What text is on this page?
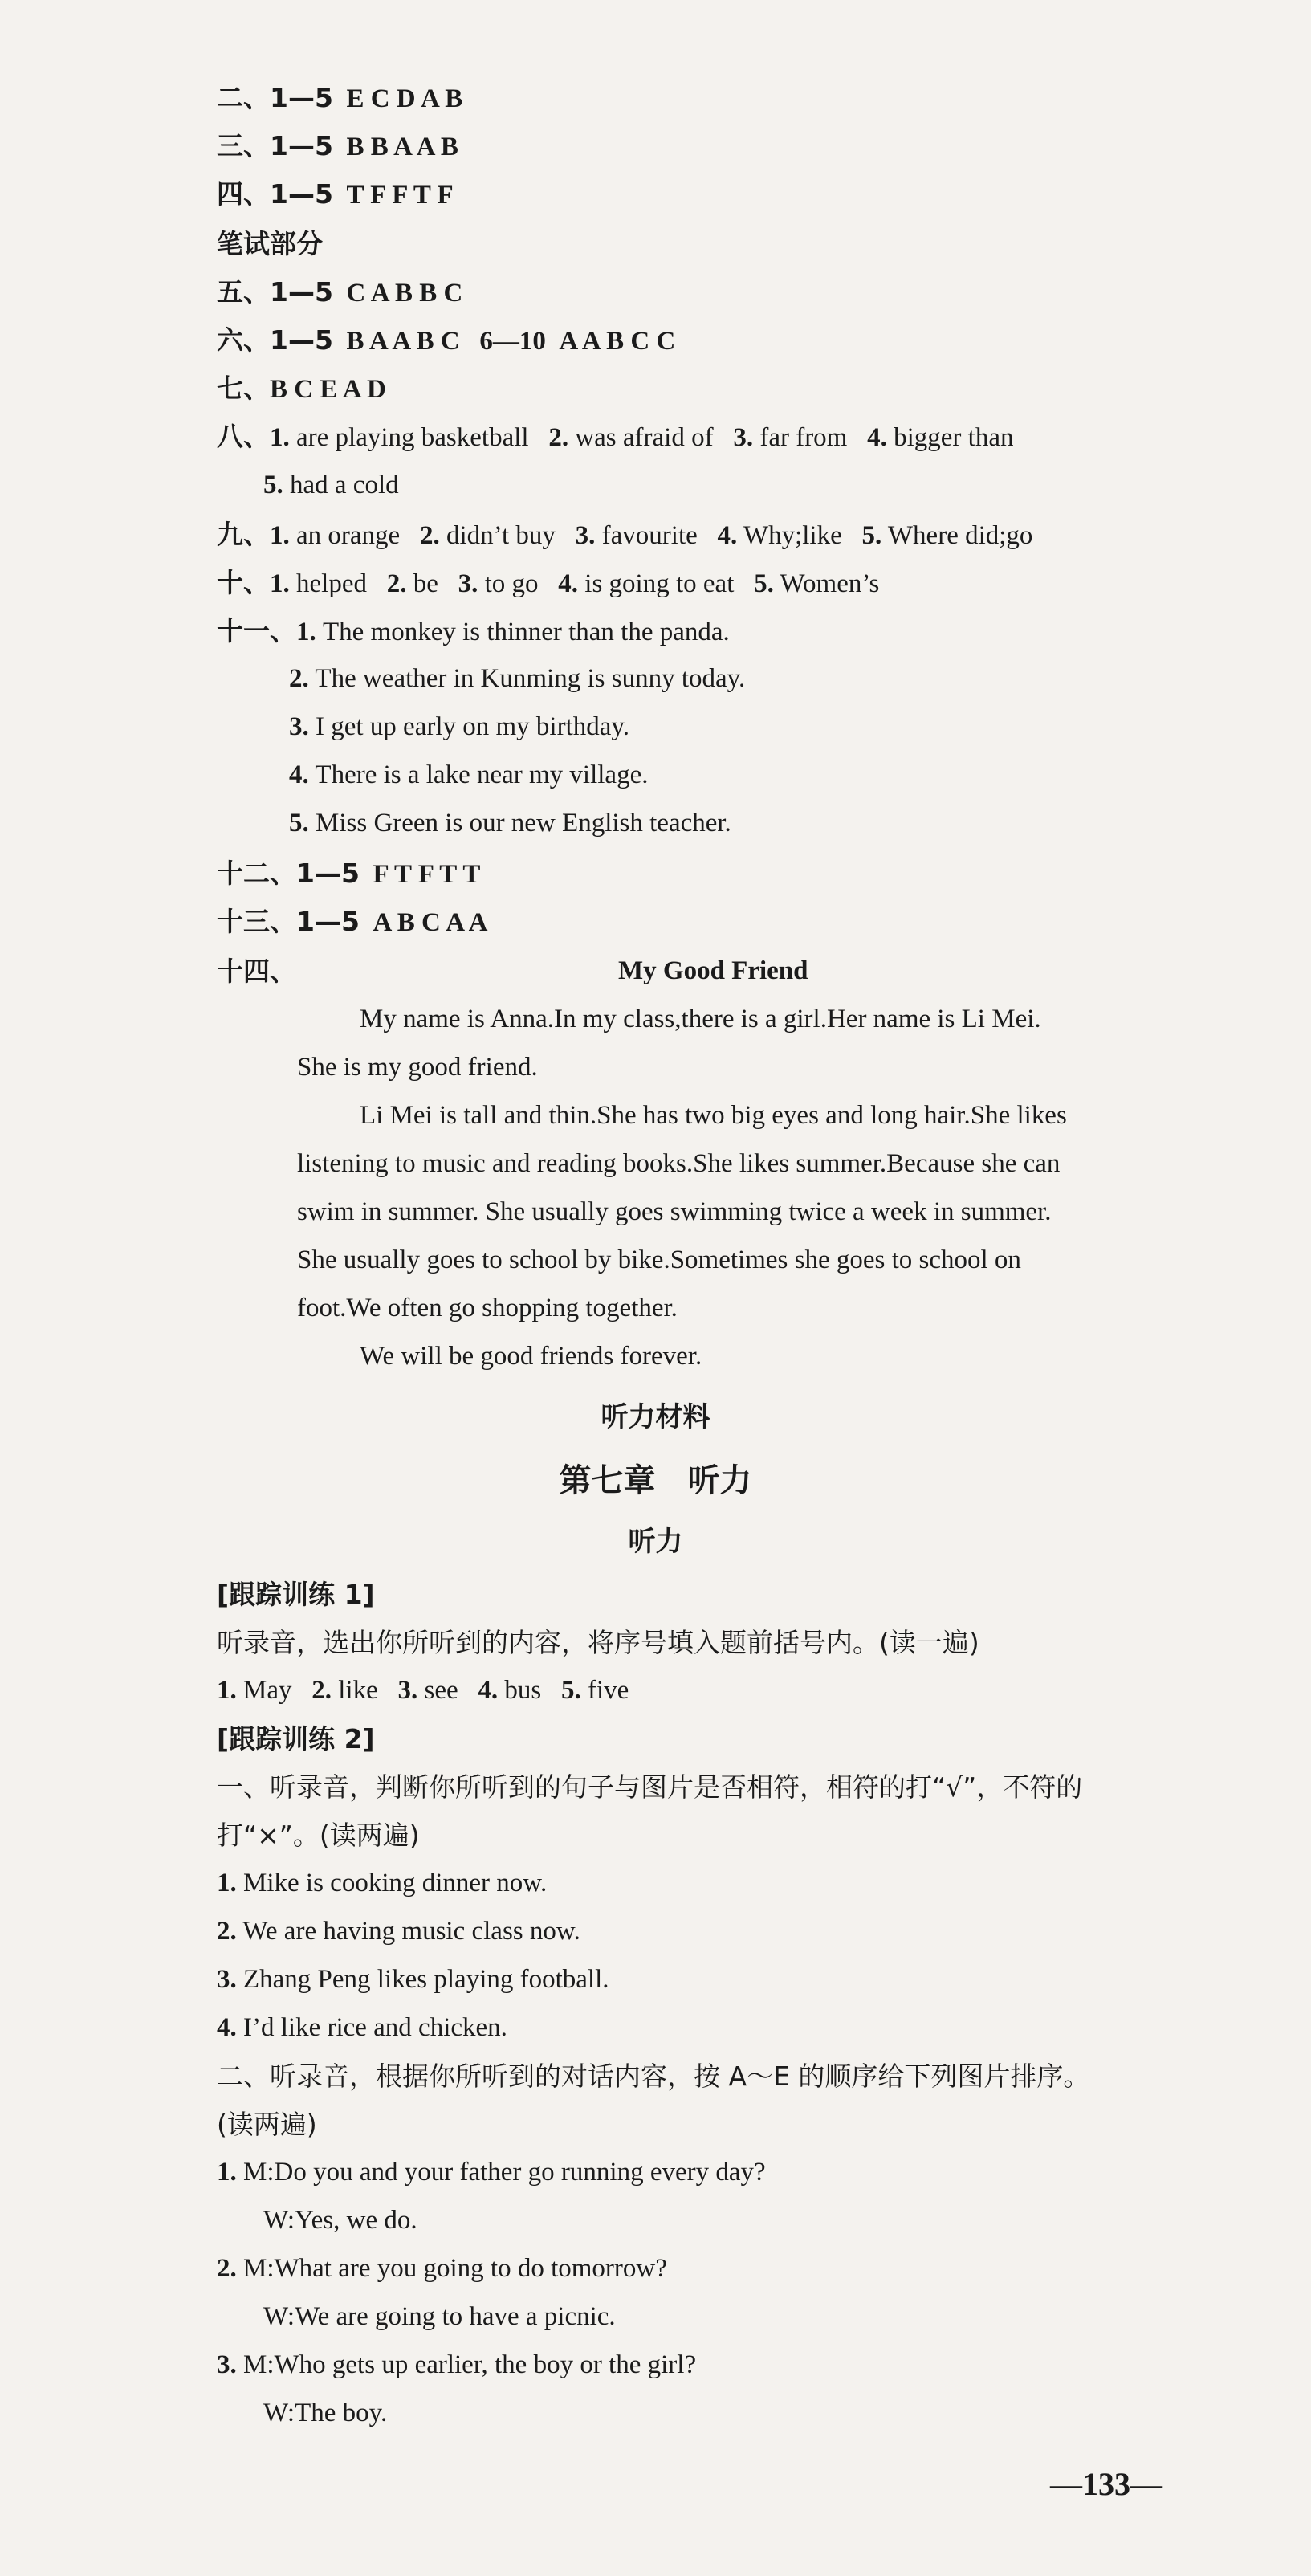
二、1—5 E C D A B
三、1—5 B B A A B
四、1—5 T F F T F
笔试部分
五、1—5 C A B B C
六、1—5 B A A B C 6—10 A A B C C
七、B C E A D
八、1. are playing basketball 2. was afraid of 3. far from 4. bigger than
5. had a cold
九、1. an orange 2. didn’t buy 3. favourite 4. Why;like 5. Where did;go
十、1. helped 2. be 3. to go 4. is going to eat 5. Women’s
十一、1. The monkey is thinner than the panda.
2. The weather in Kunming is sunny today.
3. I get up early on my birthday.
4. There is a lake near my village.
5. Miss Green is our new English teacher.
十二、1—5 F T F T T
十三、1—5 A B C A A
十四、	My Good Friend
My name is Anna.In my class,there is a girl.Her name is Li Mei.
She is my good friend.
Li Mei is tall and thin.She has two big eyes and long hair.She likes
listening to music and reading books.She likes summer.Because she can
swim in summer. She usually goes swimming twice a week in summer.
She usually goes to school by bike.Sometimes she goes to school on
foot.We often go shopping together.
We will be good friends forever.
听力材料
第七章　听力
听力
[跟踪训练 1]
听录音，选出你所听到的内容，将序号填入题前括号内。(读一遍)
1. May 2. like 3. see 4. bus 5. five
[跟踪训练 2]
一、听录音，判断你所听到的句子与图片是否相符，相符的打“√”，不符的
打“×”。(读两遍)
1. Mike is cooking dinner now.
2. We are having music class now.
3. Zhang Peng likes playing football.
4. I’d like rice and chicken.
二、听录音，根据你所听到的对话内容，按 A～E 的顺序给下列图片排序。
(读两遍)
1. M:Do you and your father go running every day?
W:Yes, we do.
2. M:What are you going to do tomorrow?
W:We are going to have a picnic.
3. M:Who gets up earlier, the boy or the girl?
W:The boy.
—133—
